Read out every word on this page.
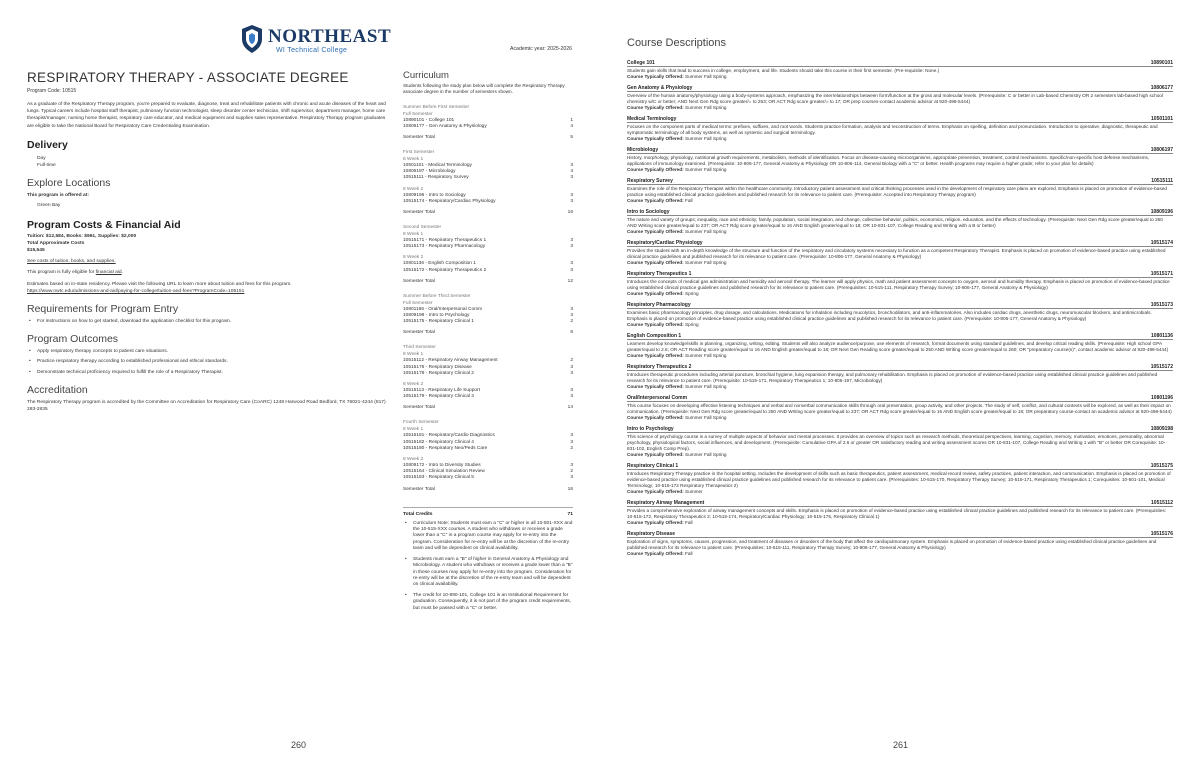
NORTHEAST
WI Technical College	Academic year: 2025-2026
RESPIRATORY THERAPY - ASSOCIATE DEGREE
Program Code: 10515
As a graduate of the Respiratory Therapy program, you're prepared to evaluate, diagnose, treat and rehabilitate patients with chronic and acute diseases of the heart and lungs. Typical careers include hospital staff therapist, pulmonary function technologist, sleep disorder center technician, shift supervisor, department manager, home care therapist/manager, nursing home therapist, respiratory care educator, and medical equipment and supplies sales representative. Respiratory Therapy program graduates are eligible to take the National Board for Respiratory Care Credentialing Examination.
Delivery
Day
Full-time
Explore Locations
This program is offered at:
Green Bay
Program Costs & Financial Aid
Tuition: $12,584, Books: $961, Supplies: $2,000
Total Approximate Costs
$15,545
See costs of tuition, books, and supplies.
This program is fully eligible for financial aid.
Estimates based on in-state residency. Please visit the following URL to learn more about tuition and fees for this program.
https://www.nwtc.edu/admissions-and-aid/paying-for-college/tuition-and-fees?ProgramCode=105151
Requirements for Program Entry
• For instructions on how to get started, download the application checklist for this program.
Program Outcomes
• Apply respiratory therapy concepts to patient care situations.
• Practice respiratory therapy according to established professional and ethical standards.
• Demonstrate technical proficiency required to fulfill the role of a Respiratory Therapist.
Accreditation
The Respiratory Therapy program is accredited by the Committee on Accreditation for Respiratory Care (CoARC) 1248 Harwood Road Bedford, TX 76021-4244 (817) 283-2835
Curriculum
Students following the study plan below will complete the Respiratory Therapy associate degree in the number of semesters shown.
Summer Before First Semester
Full Semester
10890101 - College 101	1
10806177 - Gen Anatomy & Physiology	4
Semester Total	5
First Semester
8 Week 1
10501101 - Medical Terminology	3
10806197 - Microbiology	4
10515111 - Respiratory Survey	3
8 Week 2
10809196 - Intro to Sociology	3
10515174 - Respiratory/Cardiac Physiology	3
Semester Total	16
Second Semester
8 Week 1
10515171 - Respiratory Therapeutics 1	3
10515173 - Respiratory Pharmacology	3
8 Week 2
10801136 - English Composition 1	3
10515172 - Respiratory Therapeutics 2	3
Semester Total	12
Summer Before Third Semester
Full Semester
10801196 - Oral/Interpersonal Comm	3
10809198 - Intro to Psychology	3
10515175 - Respiratory Clinical 1	2
Semester Total	8
Third Semester
8 Week 1
10515112 - Respiratory Airway Management	2
10515176 - Respiratory Disease	3
10515178 - Respiratory Clinical 2	3
8 Week 2
10515113 - Respiratory Life Support	3
10515179 - Respiratory Clinical 3	3
Semester Total	14
Fourth Semester
8 Week 1
10515181 - Respiratory/Cardio Diagnostics	3
10515182 - Respiratory Clinical 4	3
10515180 - Respiratory Neo/Peds Care	2
8 Week 2
10809172 - Intro to Diversity Studies	3
10515164 - Clinical Simulation Review	2
10515183 - Respiratory Clinical 5	3
Semester Total	16
Total Credits	71
• Curriculum Note: Students must earn a "C" or higher in all 10-501-XXX and the 10-515-XXX courses. A student who withdraws or receives a grade lower than a "C" in a program course may apply for re-entry into the program. Consideration for re-entry will be at the discretion of the re-entry team and will be dependent on clinical availability.
• Students must earn a "B" of higher in General Anatomy & Physiology and Microbiology. A student who withdraws or receives a grade lower than a "B" in these courses may apply for re-entry into the program. Consideration for re-entry will be at the discretion of the re-entry team and will be dependent on clinical availability.
• The credit for 10-890-101, College 101 is an Institutional Requirement for graduation. Consequently, it is not part of the program credit requirements, but must be passed with a "C" or better.
260
Course Descriptions
College 101	10890101
Students gain skills that lead to success in college, employment, and life. Students should take this course in their first semester. (Pre-requisite: None.)
Course Typically Offered: Summer Fall Spring
Gen Anatomy & Physiology	10806177
Overview of the human anatomy/physiology using a body-systems approach, emphasizing the interrelationships between form/function at the gross and molecular levels. (Prerequisite: C or better in Lab-based Chemistry OR 2 semesters lab-based high school chemistry w/C or better; AND Next Gen Rdg score greater/= to 263; OR ACT Rdg score greater/= to 17; OR prep courses-contact academic advisor at 920-498-5444)
Course Typically Offered: Summer Fall Spring
Medical Terminology	10501101
Focuses on the component parts of medical terms: prefixes, suffixes, and root words. Students practice formation, analysis and reconstruction of terms. Emphasis on spelling, definition and pronunciation. Introduction to operative, diagnostic, therapeutic and symptomatic terminology of all body systems, as well as systemic and surgical terminology.
Course Typically Offered: Summer Fall Spring
Microbiology	10806197
History, morphology, physiology, nutritional growth requirements, metabolism, methods of identification. Focus on disease-causing microorganisms, appropriate prevention, treatment, control mechanisms. Specific/non-specific host defense mechanisms, applications of immunology examined. (Prerequisite: 10-806-177, General Anatomy & Physiology OR 10-806-114, General Biology with a "C" or better. Health programs may require a higher grade; refer to your plan for details)
Course Typically Offered: Summer Fall Spring
Respiratory Survey	10515111
Examines the role of the Respiratory Therapist within the healthcare community. Introductory patient assessment and critical thinking processes used in the development of respiratory care plans are explored. Emphasis is placed on promotion of evidence-based practice using established clinical practice guidelines and published research for its relevance to patient care. (Prerequisite: Accepted into Respiratory Therapy program)
Course Typically Offered: Fall
Intro to Sociology	10809196
The nature and variety of groups; inequality, race and ethnicity; family, population, social integration, and change, collective behavior, politics, economics, religion, education, and the effects of technology. (Prerequisite: Next Gen Rdg score greater/equal to 250 AND Writing score greater/equal to 237; OR ACT Rdg score greater/equal to 16 AND English greater/equal to 18; OR 10-831-107, College Reading and Writing with a B or better)
Course Typically Offered: Summer Fall Spring
Respiratory/Cardiac Physiology	10515174
Provides the student with an in-depth knowledge of the structure and function of the respiratory and circulatory systems necessary to function as a competent Respiratory Therapist. Emphasis is placed on promotion of evidence-based practice using established clinical practice guidelines and published research for its relevance to patient care. (Prerequisite: 10-806-177, General Anatomy & Physiology)
Course Typically Offered: Summer Fall Spring
Respiratory Therapeutics 1	10515171
Introduces the concepts of medical gas administration and humidity and aerosol therapy. The learner will apply physics, math and patient assessment concepts to oxygen, aerosol and humidity therapy. Emphasis is placed on promotion of evidence-based practice using established clinical practice guidelines and published research for its relevance to patient care. (Prerequisites: 10-515-111, Respiratory Therapy Survey; 10-806-177, General Anatomy & Physiology)
Course Typically Offered: Spring
Respiratory Pharmacology	10515173
Examines basic pharmacology principles, drug dosage, and calculations. Medications for inhalation including mucolytics, bronchodilators, and anti-inflammatories. Also includes cardiac drugs, anesthetic drugs, neuromuscular blockers, and antimicrobials. Emphasis is placed on promotion of evidence-based practice using established clinical practice guidelines and published research for its relevance to patient care. (Prerequisite: 10-806-177, General Anatomy & Physiology)
Course Typically Offered: Spring
English Composition 1	10801136
Learners develop knowledge/skills in planning, organizing, writing, editing. Students will also analyze audience/purpose, use elements of research, format documents using standard guidelines, and develop critical reading skills. (Prerequisite: High school GPA greater/equal to 2.6; OR ACT Reading score greater/equal to 16 AND English greater/equal to 18; OR Next Gen Reading score greater/equal to 250 AND Writing score greater/equal to 260; OR "preparatory course(s)", contact academic advisor at 920-498-5444)
Course Typically Offered: Summer Fall Spring
Respiratory Therapeutics 2	10515172
Introduces therapeutic procedures including arterial puncture, bronchial hygiene, lung expansion therapy, and pulmonary rehabilitation. Emphasis is placed on promotion of evidence-based practice using established clinical practice guidelines and published research for its relevance to patient care. (Prerequisite: 10-515-171, Respiratory Therapeutics 1; 10-806-197, Microbiology)
Course Typically Offered: Summer Fall Spring
Oral/Interpersonal Comm	10801196
This course focuses on developing effective listening techniques and verbal and nonverbal communication skills through oral presentation, group activity, and other projects. The study of self, conflict, and cultural contexts will be explored, as well as their impact on communication. (Prerequisite: Next Gen Rdg score greater/equal to 250 AND Writing score greater/equal to 237; OR ACT Rdg score greater/equal to 16 AND English score greater/equal to 16; OR preparatory course-contact an academic advisor at 920-498-5444)
Course Typically Offered: Summer Fall Spring
Intro to Psychology	10809198
This science of psychology course is a survey of multiple aspects of behavior and mental processes. It provides an overview of topics such as research methods, theoretical perspectives, learning, cognition, memory, motivation, emotions, personality, abnormal psychology, physiological factors, social influences, and development. (Prerequisite: Cumulative GPA of 2.6 or greater OR satisfactory reading and writing assessment scores OR 10-831-107, College Reading and Writing 1 with "B" or better OR Corequisite: 10-831-102, English Comp Prep).
Course Typically Offered: Summer Fall Spring
Respiratory Clinical 1	10515175
Introduces Respiratory Therapy practice in the hospital setting. Includes the development of skills such as basic therapeutics, patient assessment, medical record review, safety practices, patient interaction, and communication. Emphasis is placed on promotion of evidence-based practice using established clinical practice guidelines and published research for its relevance to patient care. (Prerequisites: 10-515-170, Respiratory Therapy Survey; 10-515-171, Respiratory Therapeutics 1; Corequisites: 10-501-101, Medical Terminology; 10-515-172 Respiratory Therapeutics 2)
Course Typically Offered: Summer
Respiratory Airway Management	10515112
Provides a comprehensive exploration of airway management concepts and skills. Emphasis is placed on promotion of evidence-based practice using established clinical practice guidelines and published research for its relevance to patient care. (Prerequisites: 10-515-172, Respiratory Therapeutics 2; 10-515-174, Respiratory/Cardiac Physiology; 10-515-175, Respiratory Clinical 1)
Course Typically Offered: Fall
Respiratory Disease	10515176
Exploration of signs, symptoms, causes, progression, and treatment of diseases or disorders of the body that affect the cardiopulmonary system. Emphasis is placed on promotion of evidence-based practice using established clinical practice guidelines and published research for its relevance to patient care. (Prerequisites: 10-515-111, Respiratory Therapy Survey; 10-806-177, General Anatomy & Physiology)
Course Typically Offered: Fall
261
